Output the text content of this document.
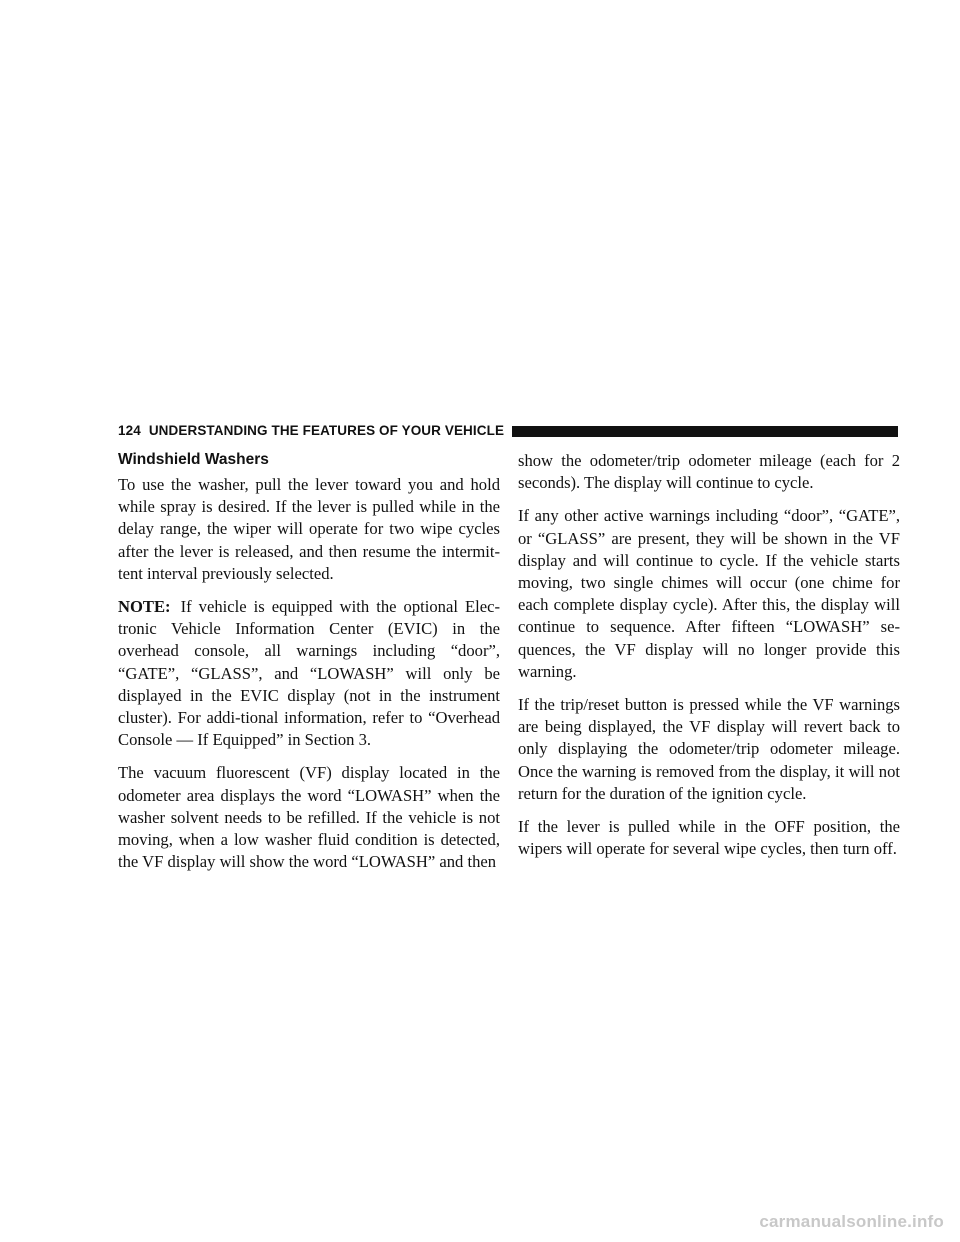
124 UNDERSTANDING THE FEATURES OF YOUR VEHICLE
Windshield Washers

To use the washer, pull the lever toward you and hold while spray is desired. If the lever is pulled while in the delay range, the wiper will operate for two wipe cycles after the lever is released, and then resume the intermit-tent interval previously selected.

NOTE: If vehicle is equipped with the optional Elec-tronic Vehicle Information Center (EVIC) in the overhead console, all warnings including “door”, “GATE”, “GLASS”, and “LOWASH” will only be displayed in the EVIC display (not in the instrument cluster). For addi-tional information, refer to “Overhead Console — If Equipped” in Section 3.

The vacuum fluorescent (VF) display located in the odometer area displays the word “LOWASH” when the washer solvent needs to be refilled. If the vehicle is not moving, when a low washer fluid condition is detected, the VF display will show the word “LOWASH” and then

show the odometer/trip odometer mileage (each for 2 seconds). The display will continue to cycle.

If any other active warnings including “door”, “GATE”, or “GLASS” are present, they will be shown in the VF display and will continue to cycle. If the vehicle starts moving, two single chimes will occur (one chime for each complete display cycle). After this, the display will continue to sequence. After fifteen “LOWASH” se-quences, the VF display will no longer provide this warning.

If the trip/reset button is pressed while the VF warnings are being displayed, the VF display will revert back to only displaying the odometer/trip odometer mileage. Once the warning is removed from the display, it will not return for the duration of the ignition cycle.

If the lever is pulled while in the OFF position, the wipers will operate for several wipe cycles, then turn off.

carmanualsonline.info
